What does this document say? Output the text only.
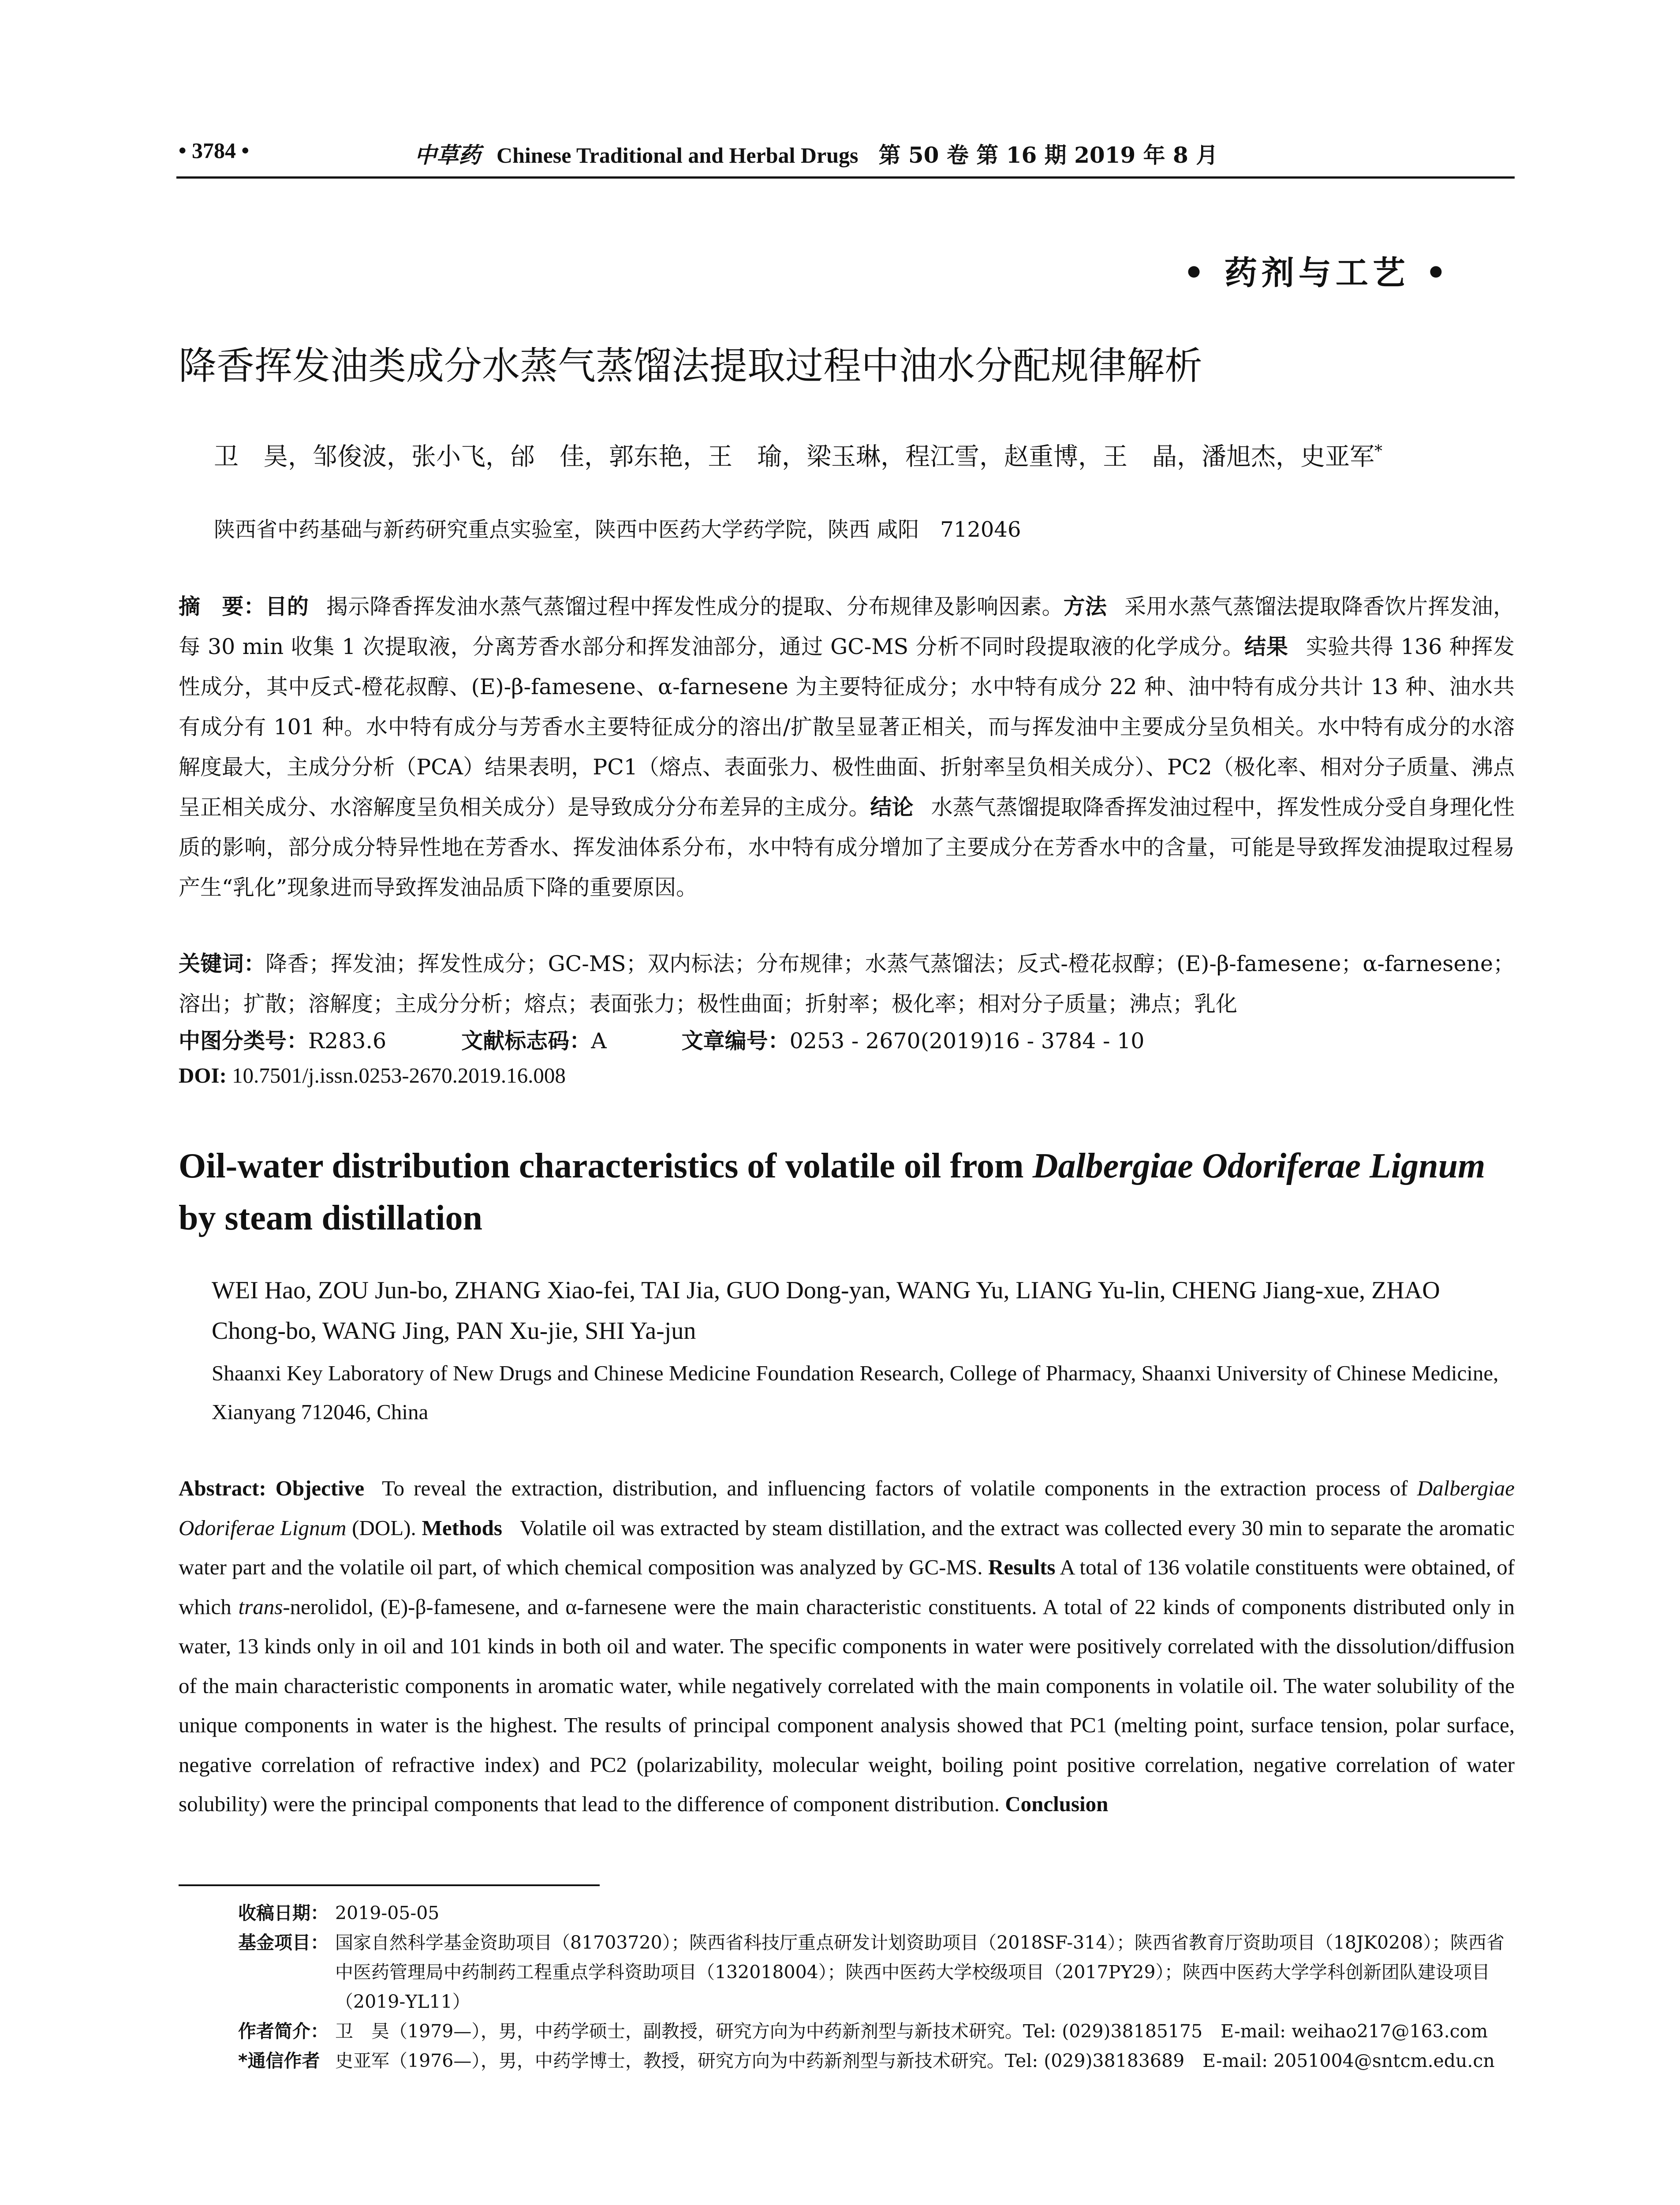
• 3784 •	中草药 Chinese Traditional and Herbal Drugs 第 50 卷 第 16 期 2019 年 8 月
• 药剂与工艺 •
降香挥发油类成分水蒸气蒸馏法提取过程中油水分配规律解析
卫　昊，邹俊波，张小飞，邰　佳，郭东艳，王　瑜，梁玉琳，程江雪，赵重博，王　晶，潘旭杰，史亚军*
陕西省中药基础与新药研究重点实验室，陕西中医药大学药学院，陕西 咸阳　712046
摘　要：目的 揭示降香挥发油水蒸气蒸馏过程中挥发性成分的提取、分布规律及影响因素。方法 采用水蒸气蒸馏法提取降香饮片挥发油，每 30 min 收集 1 次提取液，分离芳香水部分和挥发油部分，通过 GC-MS 分析不同时段提取液的化学成分。结果 实验共得 136 种挥发性成分，其中反式-橙花叔醇、(E)-β-famesene、α-farnesene 为主要特征成分；水中特有成分 22 种、油中特有成分共计 13 种、油水共有成分有 101 种。水中特有成分与芳香水主要特征成分的溶出/扩散呈显著正相关，而与挥发油中主要成分呈负相关。水中特有成分的水溶解度最大，主成分分析（PCA）结果表明，PC1（熔点、表面张力、极性曲面、折射率呈负相关成分）、PC2（极化率、相对分子质量、沸点呈正相关成分、水溶解度呈负相关成分）是导致成分分布差异的主成分。结论 水蒸气蒸馏提取降香挥发油过程中，挥发性成分受自身理化性质的影响，部分成分特异性地在芳香水、挥发油体系分布，水中特有成分增加了主要成分在芳香水中的含量，可能是导致挥发油提取过程易产生“乳化”现象进而导致挥发油品质下降的重要原因。
关键词：降香；挥发油；挥发性成分；GC-MS；双内标法；分布规律；水蒸气蒸馏法；反式-橙花叔醇；(E)-β-famesene；α-farnesene；溶出；扩散；溶解度；主成分分析；熔点；表面张力；极性曲面；折射率；极化率；相对分子质量；沸点；乳化
中图分类号：R283.6	文献标志码：A	文章编号：0253 - 2670(2019)16 - 3784 - 10
DOI: 10.7501/j.issn.0253-2670.2019.16.008
Oil-water distribution characteristics of volatile oil from Dalbergiae Odoriferae Lignum by steam distillation
WEI Hao, ZOU Jun-bo, ZHANG Xiao-fei, TAI Jia, GUO Dong-yan, WANG Yu, LIANG Yu-lin, CHENG Jiang-xue, ZHAO Chong-bo, WANG Jing, PAN Xu-jie, SHI Ya-jun
Shaanxi Key Laboratory of New Drugs and Chinese Medicine Foundation Research, College of Pharmacy, Shaanxi University of Chinese Medicine, Xianyang 712046, China
Abstract: Objective To reveal the extraction, distribution, and influencing factors of volatile components in the extraction process of Dalbergiae Odoriferae Lignum (DOL). Methods Volatile oil was extracted by steam distillation, and the extract was collected every 30 min to separate the aromatic water part and the volatile oil part, of which chemical composition was analyzed by GC-MS. Results A total of 136 volatile constituents were obtained, of which trans-nerolidol, (E)-β-famesene, and α-farnesene were the main characteristic constituents. A total of 22 kinds of components distributed only in water, 13 kinds only in oil and 101 kinds in both oil and water. The specific components in water were positively correlated with the dissolution/diffusion of the main characteristic components in aromatic water, while negatively correlated with the main components in volatile oil. The water solubility of the unique components in water is the highest. The results of principal component analysis showed that PC1 (melting point, surface tension, polar surface, negative correlation of refractive index) and PC2 (polarizability, molecular weight, boiling point positive correlation, negative correlation of water solubility) were the principal components that lead to the difference of component distribution. Conclusion
收稿日期： 2019-05-05
基金项目： 国家自然科学基金资助项目（81703720）；陕西省科技厅重点研发计划资助项目（2018SF-314）；陕西省教育厅资助项目（18JK0208）；陕西省中医药管理局中药制药工程重点学科资助项目（132018004）；陕西中医药大学校级项目（2017PY29）；陕西中医药大学学科创新团队建设项目（2019-YL11）
作者简介： 卫　昊（1979—），男，中药学硕士，副教授，研究方向为中药新剂型与新技术研究。Tel: (029)38185175　E-mail: weihao217@163.com
*通信作者 史亚军（1976—），男，中药学博士，教授，研究方向为中药新剂型与新技术研究。Tel: (029)38183689　E-mail: 2051004@sntcm.edu.cn
